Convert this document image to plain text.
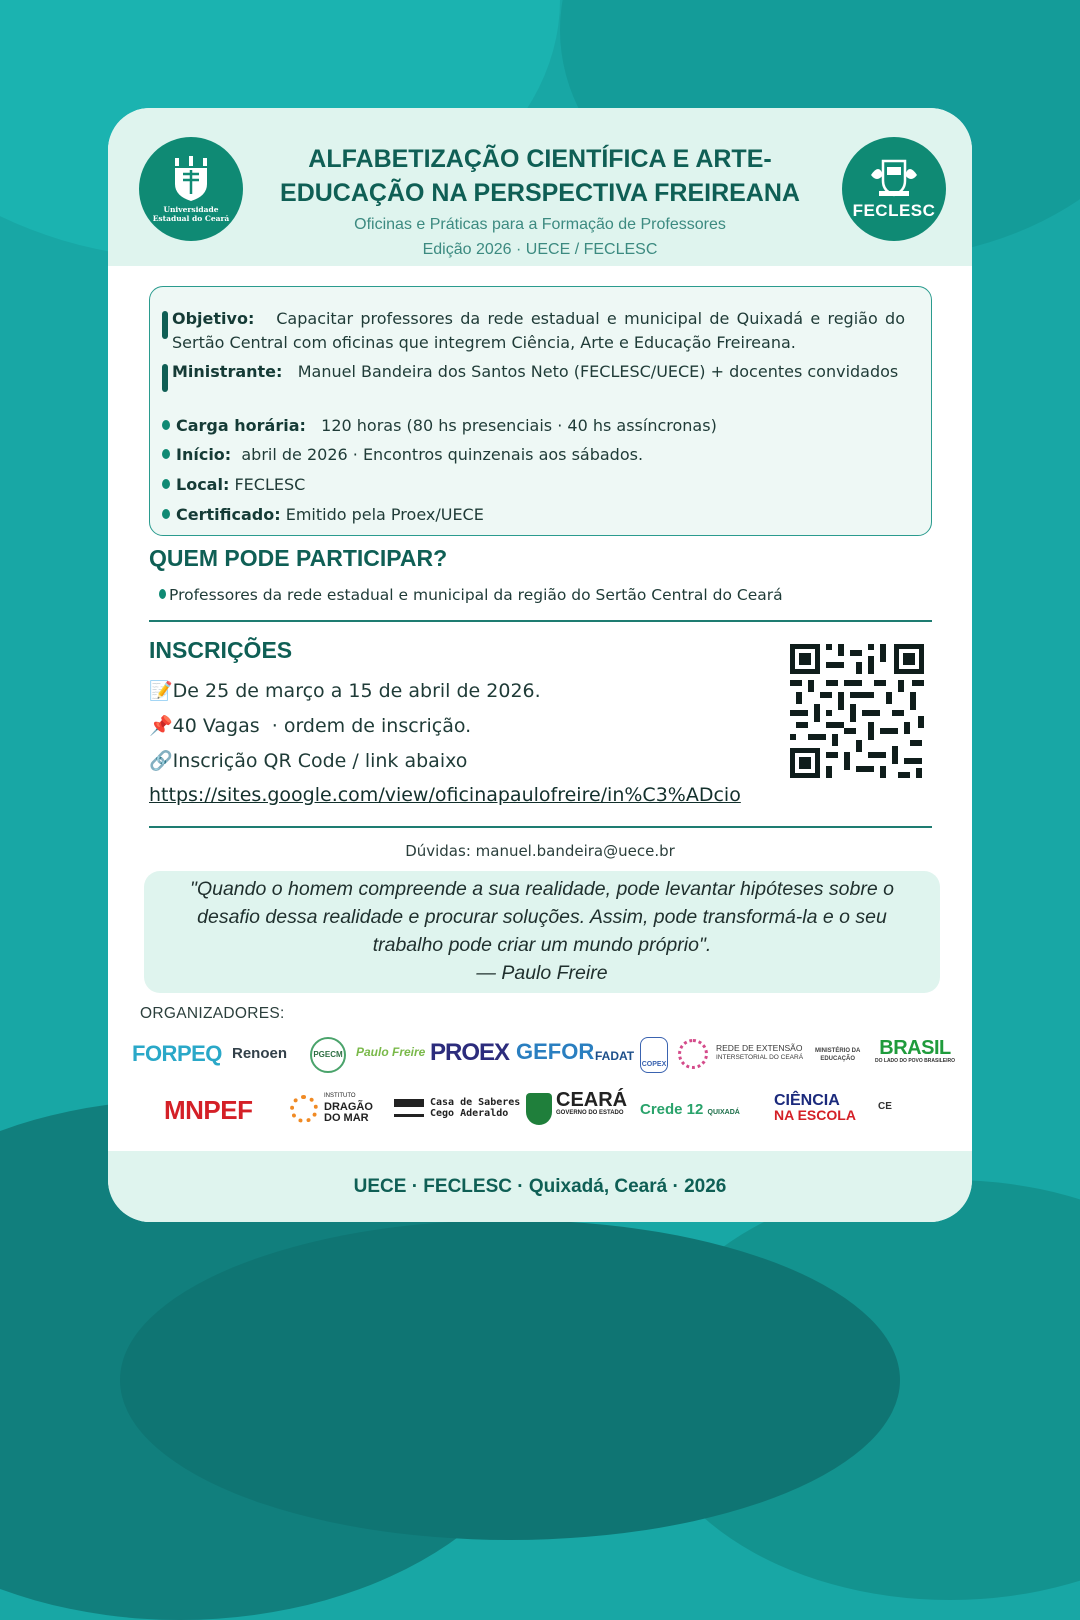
Universidade
Estadual do Ceará
ALFABETIZAÇÃO CIENTÍFICA E ARTE-
EDUCAÇÃO NA PERSPECTIVA FREIREANA
Oficinas e Práticas para a Formação de Professores
Edição 2026 · UECE / FECLESC
FECLESC
Objetivo: Capacitar professores da rede estadual e municipal de Quixadá e região do Sertão Central com oficinas que integrem Ciência, Arte e Educação Freireana.
Ministrante: Manuel Bandeira dos Santos Neto (FECLESC/UECE) + docentes convidados
Carga horária: 120 horas (80 hs presenciais · 40 hs assíncronas)
Início: abril de 2026 · Encontros quinzenais aos sábados.
Local: FECLESC
Certificado: Emitido pela Proex/UECE
QUEM PODE PARTICIPAR?
Professores da rede estadual e municipal da região do Sertão Central do Ceará
INSCRIÇÕES
📝De 25 de março a 15 de abril de 2026.
📌40 Vagas  · ordem de inscrição.
🔗Inscrição QR Code / link abaixo
https://sites.google.com/view/oficinapaulofreire/in%C3%ADcio
Dúvidas: manuel.bandeira@uece.br
"Quando o homem compreende a sua realidade, pode levantar hipóteses sobre o
desafio dessa realidade e procurar soluções. Assim, pode transformá-la e o seu
trabalho pode criar um mundo próprio".
— Paulo Freire
ORGANIZADORES:
FORPEQ Renoen	PGECM Paulo Freire PROEX GEFOR FADAT
COPEX
REDE DE EXTENSÃO
INTERSETORIAL DO CEARÁ
MINISTÉRIO DA
EDUCAÇÃO BRASIL
DO LADO DO POVO BRASILEIRO
MNPEF	INSTITUTO
DRAGÃO
DO MAR
Casa de Saberes
Cego Aderaldo
CEARÁ
GOVERNO DO ESTADO Crede 12 QUIXADÁ
CIÊNCIA
NA ESCOLA
CE
UECE · FECLESC · Quixadá, Ceará · 2026
